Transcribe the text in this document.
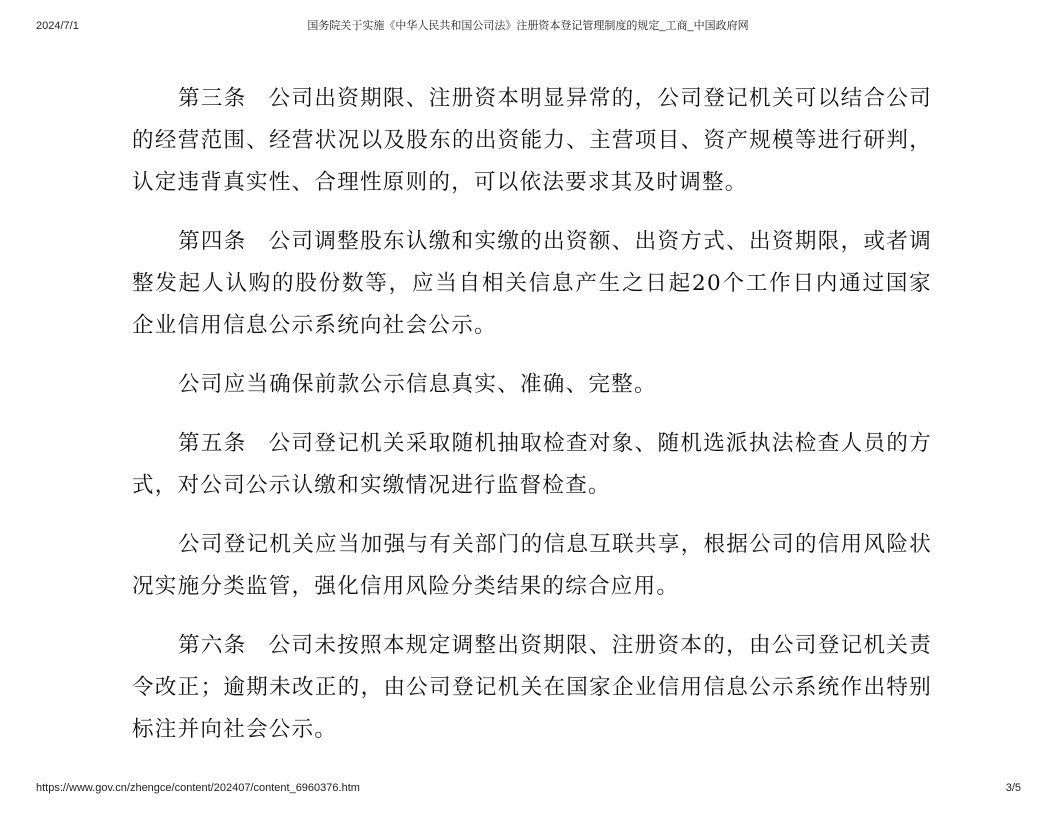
2024/7/1	国务院关于实施《中华人民共和国公司法》注册资本登记管理制度的规定_工商_中国政府网

第三条 公司出资期限、注册资本明显异常的，公司登记机关可以结合公司的经营范围、经营状况以及股东的出资能力、主营项目、资产规模等进行研判，认定违背真实性、合理性原则的，可以依法要求其及时调整。

第四条 公司调整股东认缴和实缴的出资额、出资方式、出资期限，或者调整发起人认购的股份数等，应当自相关信息产生之日起20个工作日内通过国家企业信用信息公示系统向社会公示。

公司应当确保前款公示信息真实、准确、完整。

第五条 公司登记机关采取随机抽取检查对象、随机选派执法检查人员的方式，对公司公示认缴和实缴情况进行监督检查。

公司登记机关应当加强与有关部门的信息互联共享，根据公司的信用风险状况实施分类监管，强化信用风险分类结果的综合应用。

第六条 公司未按照本规定调整出资期限、注册资本的，由公司登记机关责令改正；逾期未改正的，由公司登记机关在国家企业信用信息公示系统作出特别标注并向社会公示。

https://www.gov.cn/zhengce/content/202407/content_6960376.htm	3/5
